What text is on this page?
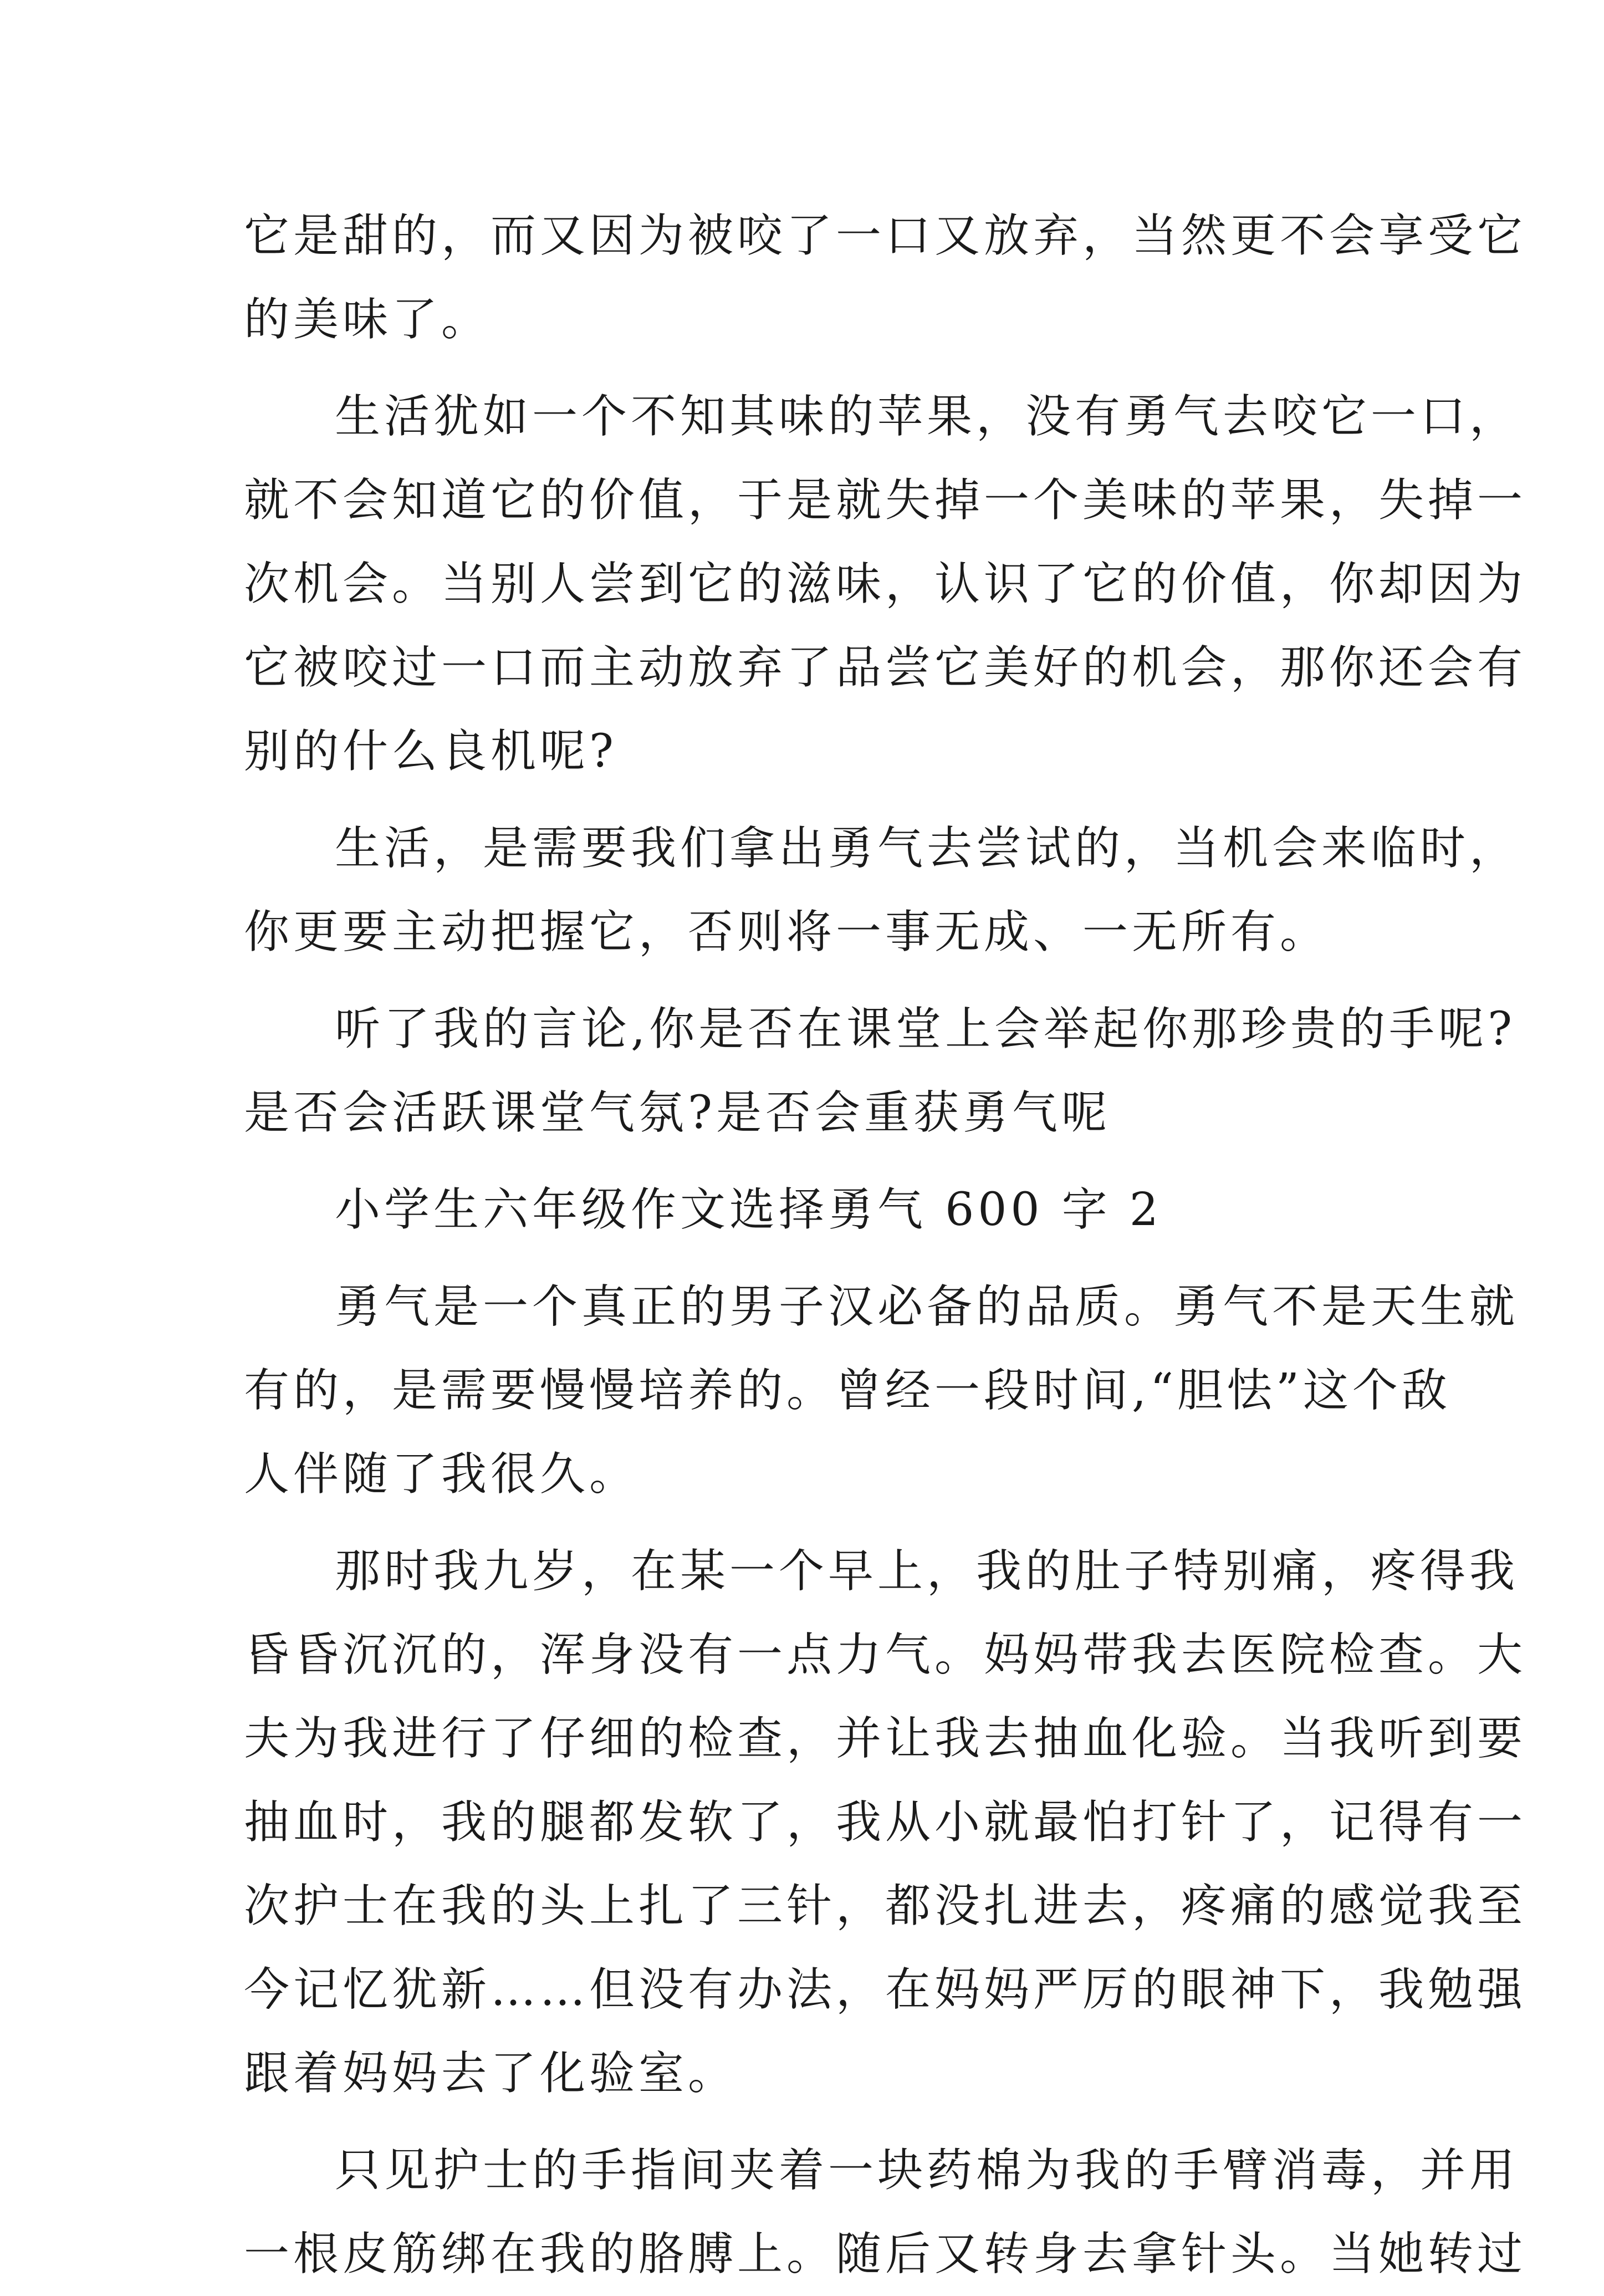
它是甜的，而又因为被咬了一口又放弃，当然更不会享受它
的美味了。
生活犹如一个不知其味的苹果，没有勇气去咬它一口，
就不会知道它的价值，于是就失掉一个美味的苹果，失掉一
次机会。当别人尝到它的滋味，认识了它的价值，你却因为
它被咬过一口而主动放弃了品尝它美好的机会，那你还会有
别的什么良机呢?
生活，是需要我们拿出勇气去尝试的，当机会来临时，
你更要主动把握它，否则将一事无成、一无所有。
听了我的言论,你是否在课堂上会举起你那珍贵的手呢?
是否会活跃课堂气氛?是否会重获勇气呢
小学生六年级作文选择勇气 600 字 2
勇气是一个真正的男子汉必备的品质。勇气不是天生就
有的，是需要慢慢培养的。曾经一段时间,“胆怯”这个敌
人伴随了我很久。
那时我九岁，在某一个早上，我的肚子特别痛，疼得我
昏昏沉沉的，浑身没有一点力气。妈妈带我去医院检查。大
夫为我进行了仔细的检查，并让我去抽血化验。当我听到要
抽血时，我的腿都发软了，我从小就最怕打针了，记得有一
次护士在我的头上扎了三针，都没扎进去，疼痛的感觉我至
今记忆犹新……但没有办法，在妈妈严厉的眼神下，我勉强
跟着妈妈去了化验室。
只见护士的手指间夹着一块药棉为我的手臂消毒，并用
一根皮筋绑在我的胳膊上。随后又转身去拿针头。当她转过
